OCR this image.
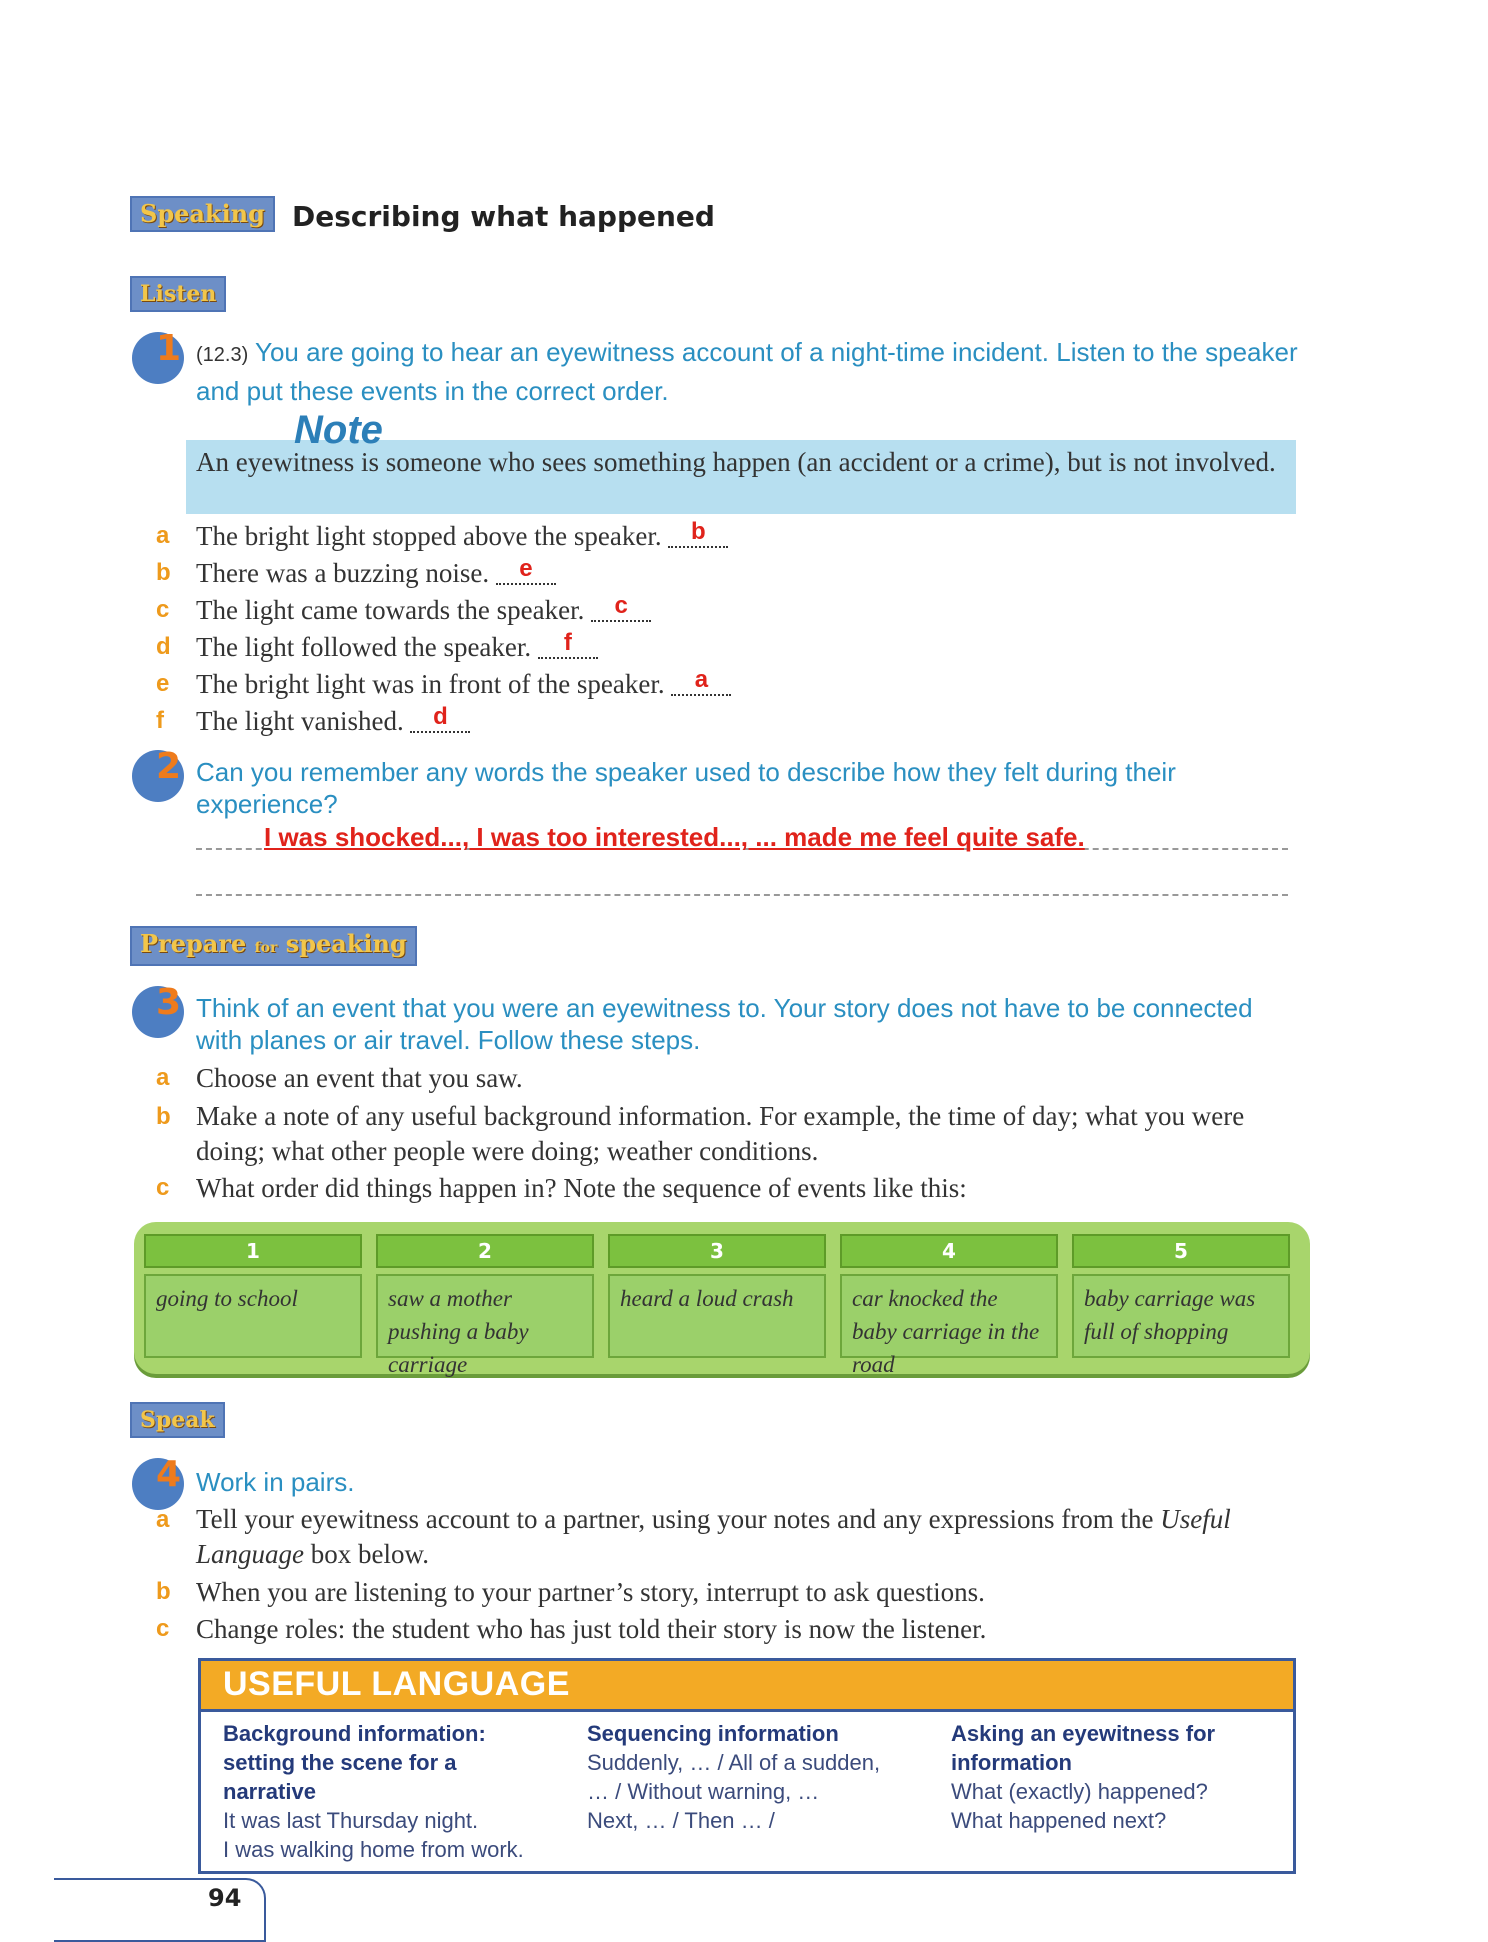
Speaking Describing what happened
Listen
1 (12.3) You are going to hear an eyewitness account of a night-time incident. Listen to the speaker and put these events in the correct order.
Note
An eyewitness is someone who sees something happen (an accident or a crime), but is not involved.
a The bright light stopped above the speaker. b
b There was a buzzing noise. e
c The light came towards the speaker. c
d The light followed the speaker. f
e The bright light was in front of the speaker. a
f The light vanished. d
2 Can you remember any words the speaker used to describe how they felt during their experience?
I was shocked..., I was too interested..., ... made me feel quite safe.
Prepare for speaking
3 Think of an event that you were an eyewitness to. Your story does not have to be connected with planes or air travel. Follow these steps.
a Choose an event that you saw.
b Make a note of any useful background information. For example, the time of day; what you were doing; what other people were doing; weather conditions.
c What order did things happen in? Note the sequence of events like this:
1
going to school
2
saw a mother pushing a baby carriage
3
heard a loud crash
4
car knocked the baby carriage in the road
5
baby carriage was full of shopping
Speak
4 Work in pairs.
a Tell your eyewitness account to a partner, using your notes and any expressions from the Useful Language box below.
b When you are listening to your partner’s story, interrupt to ask questions.
c Change roles: the student who has just told their story is now the listener.
USEFUL LANGUAGE
Background information: setting the scene for a narrative
It was last Thursday night.
I was walking home from work.
Sequencing information
Suddenly, … / All of a sudden,
… / Without warning, …
Next, … / Then … /
Asking an eyewitness for information
What (exactly) happened?
What happened next?
94
